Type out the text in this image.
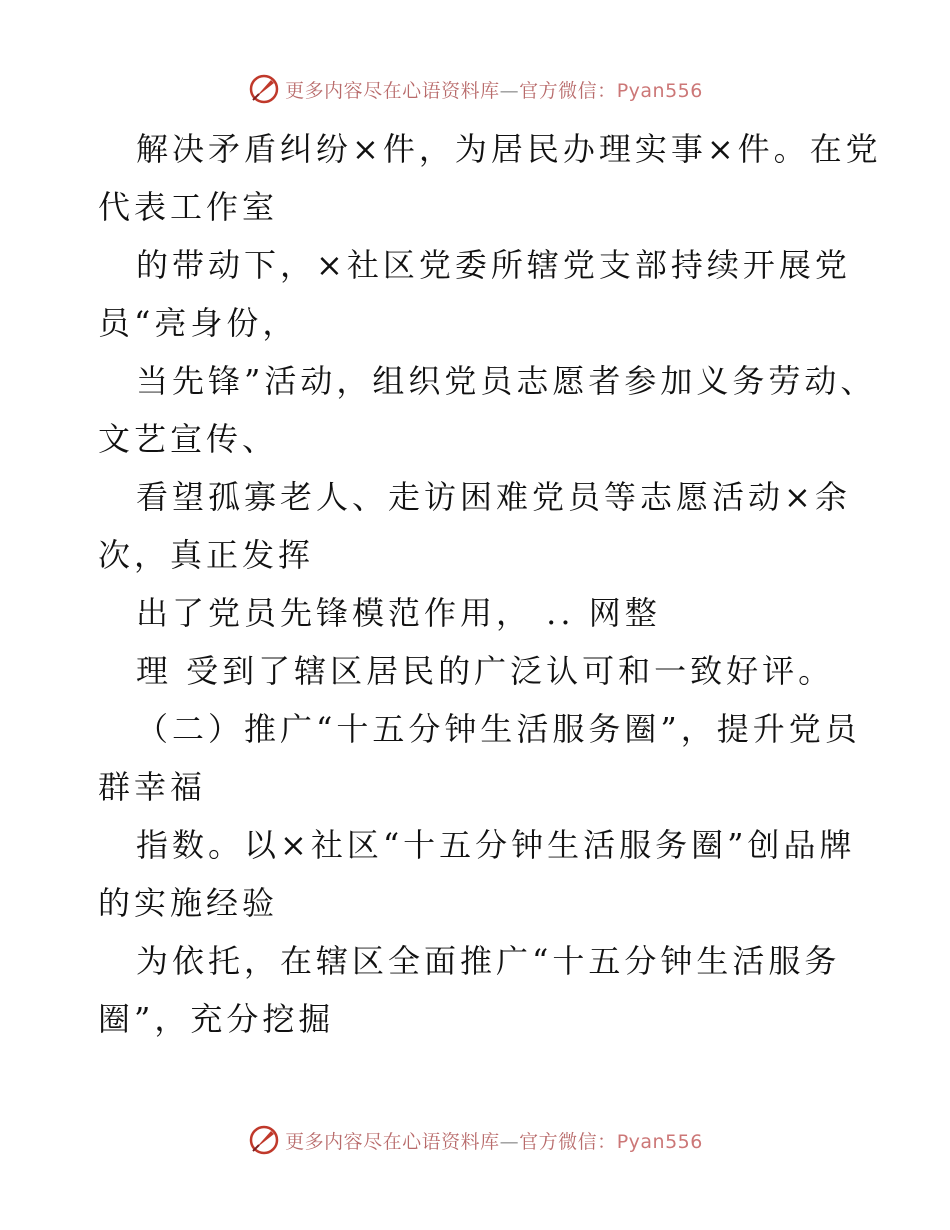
更多内容尽在心语资料库—官方微信：Pyan556
解决矛盾纠纷×件，为居民办理实事×件。在党
代表工作室
的带动下，×社区党委所辖党支部持续开展党
员“亮身份，
当先锋”活动，组织党员志愿者参加义务劳动、
文艺宣传、
看望孤寡老人、走访困难党员等志愿活动×余
次，真正发挥
出了党员先锋模范作用， .. 网整
理 受到了辖区居民的广泛认可和一致好评。
（二）推广“十五分钟生活服务圈”，提升党员
群幸福
指数。以×社区“十五分钟生活服务圈”创品牌
的实施经验
为依托，在辖区全面推广“十五分钟生活服务
圈”，充分挖掘
更多内容尽在心语资料库—官方微信：Pyan556
